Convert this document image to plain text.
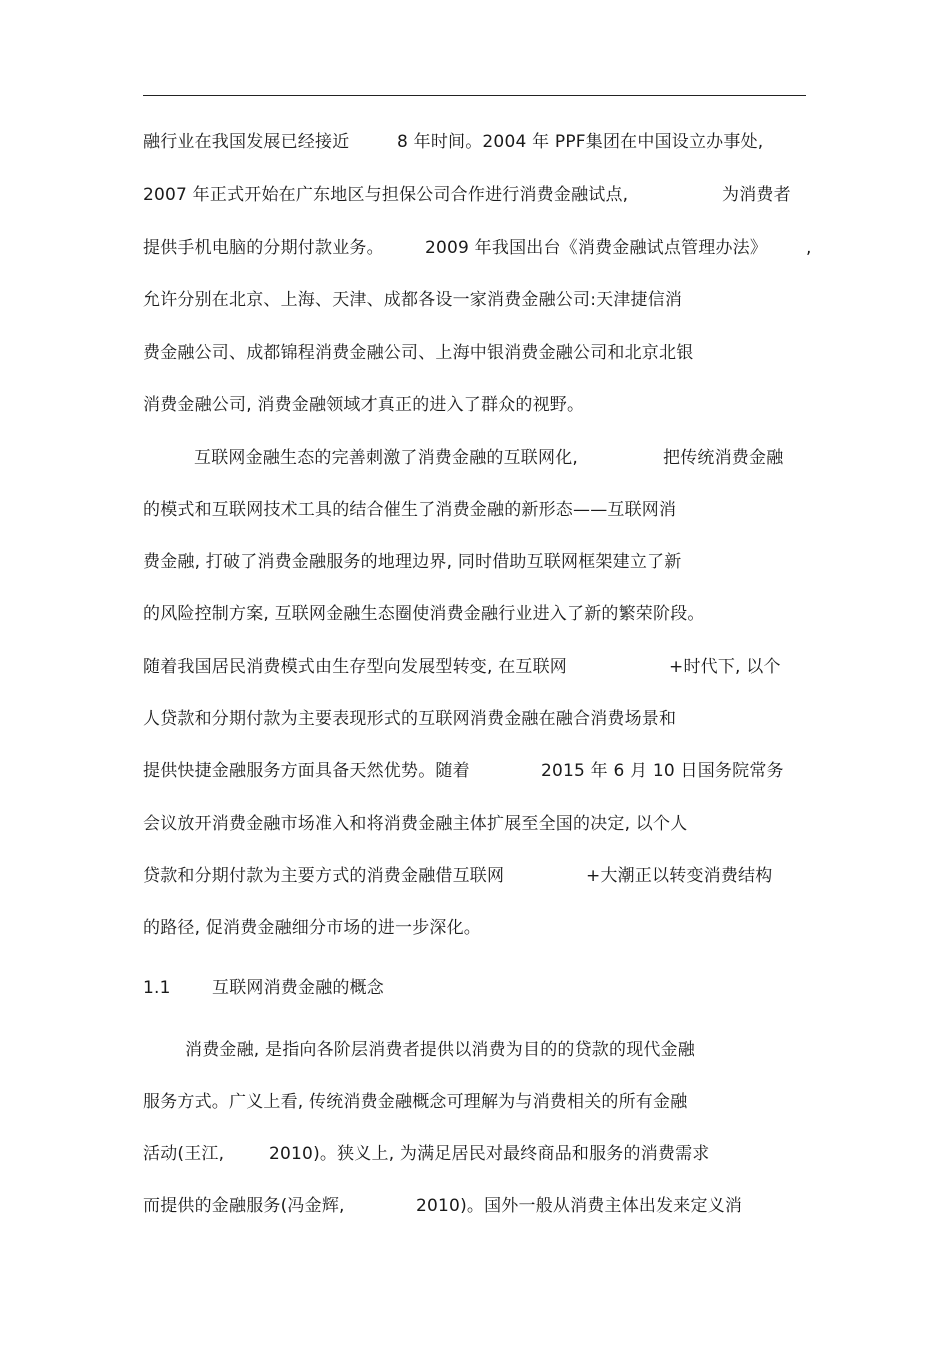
融行业在我国发展已经接近	8 年时间。2004 年 PPF集团在中国设立办事处,
2007 年正式开始在广东地区与担保公司合作进行消费金融试点,	为消费者
提供手机电脑的分期付款业务。 2009 年我国出台《消费金融试点管理办法》 ,
允许分别在北京、上海、天津、成都各设一家消费金融公司:天津捷信消
费金融公司、成都锦程消费金融公司、上海中银消费金融公司和北京北银
消费金融公司, 消费金融领域才真正的进入了群众的视野。
互联网金融生态的完善刺激了消费金融的互联网化,	把传统消费金融
的模式和互联网技术工具的结合催生了消费金融的新形态——互联网消
费金融, 打破了消费金融服务的地理边界, 同时借助互联网框架建立了新
的风险控制方案, 互联网金融生态圈使消费金融行业进入了新的繁荣阶段。
随着我国居民消费模式由生存型向发展型转变, 在互联网	+时代下, 以个
人贷款和分期付款为主要表现形式的互联网消费金融在融合消费场景和
提供快捷金融服务方面具备天然优势。随着	2015 年 6 月 10 日国务院常务
会议放开消费金融市场准入和将消费金融主体扩展至全国的决定, 以个人
贷款和分期付款为主要方式的消费金融借互联网	+大潮正以转变消费结构
的路径, 促消费金融细分市场的进一步深化。
1.1 互联网消费金融的概念
消费金融, 是指向各阶层消费者提供以消费为目的的贷款的现代金融
服务方式。广义上看, 传统消费金融概念可理解为与消费相关的所有金融
活动(王江,	2010)。狭义上, 为满足居民对最终商品和服务的消费需求
而提供的金融服务(冯金辉,	2010)。国外一般从消费主体出发来定义消
